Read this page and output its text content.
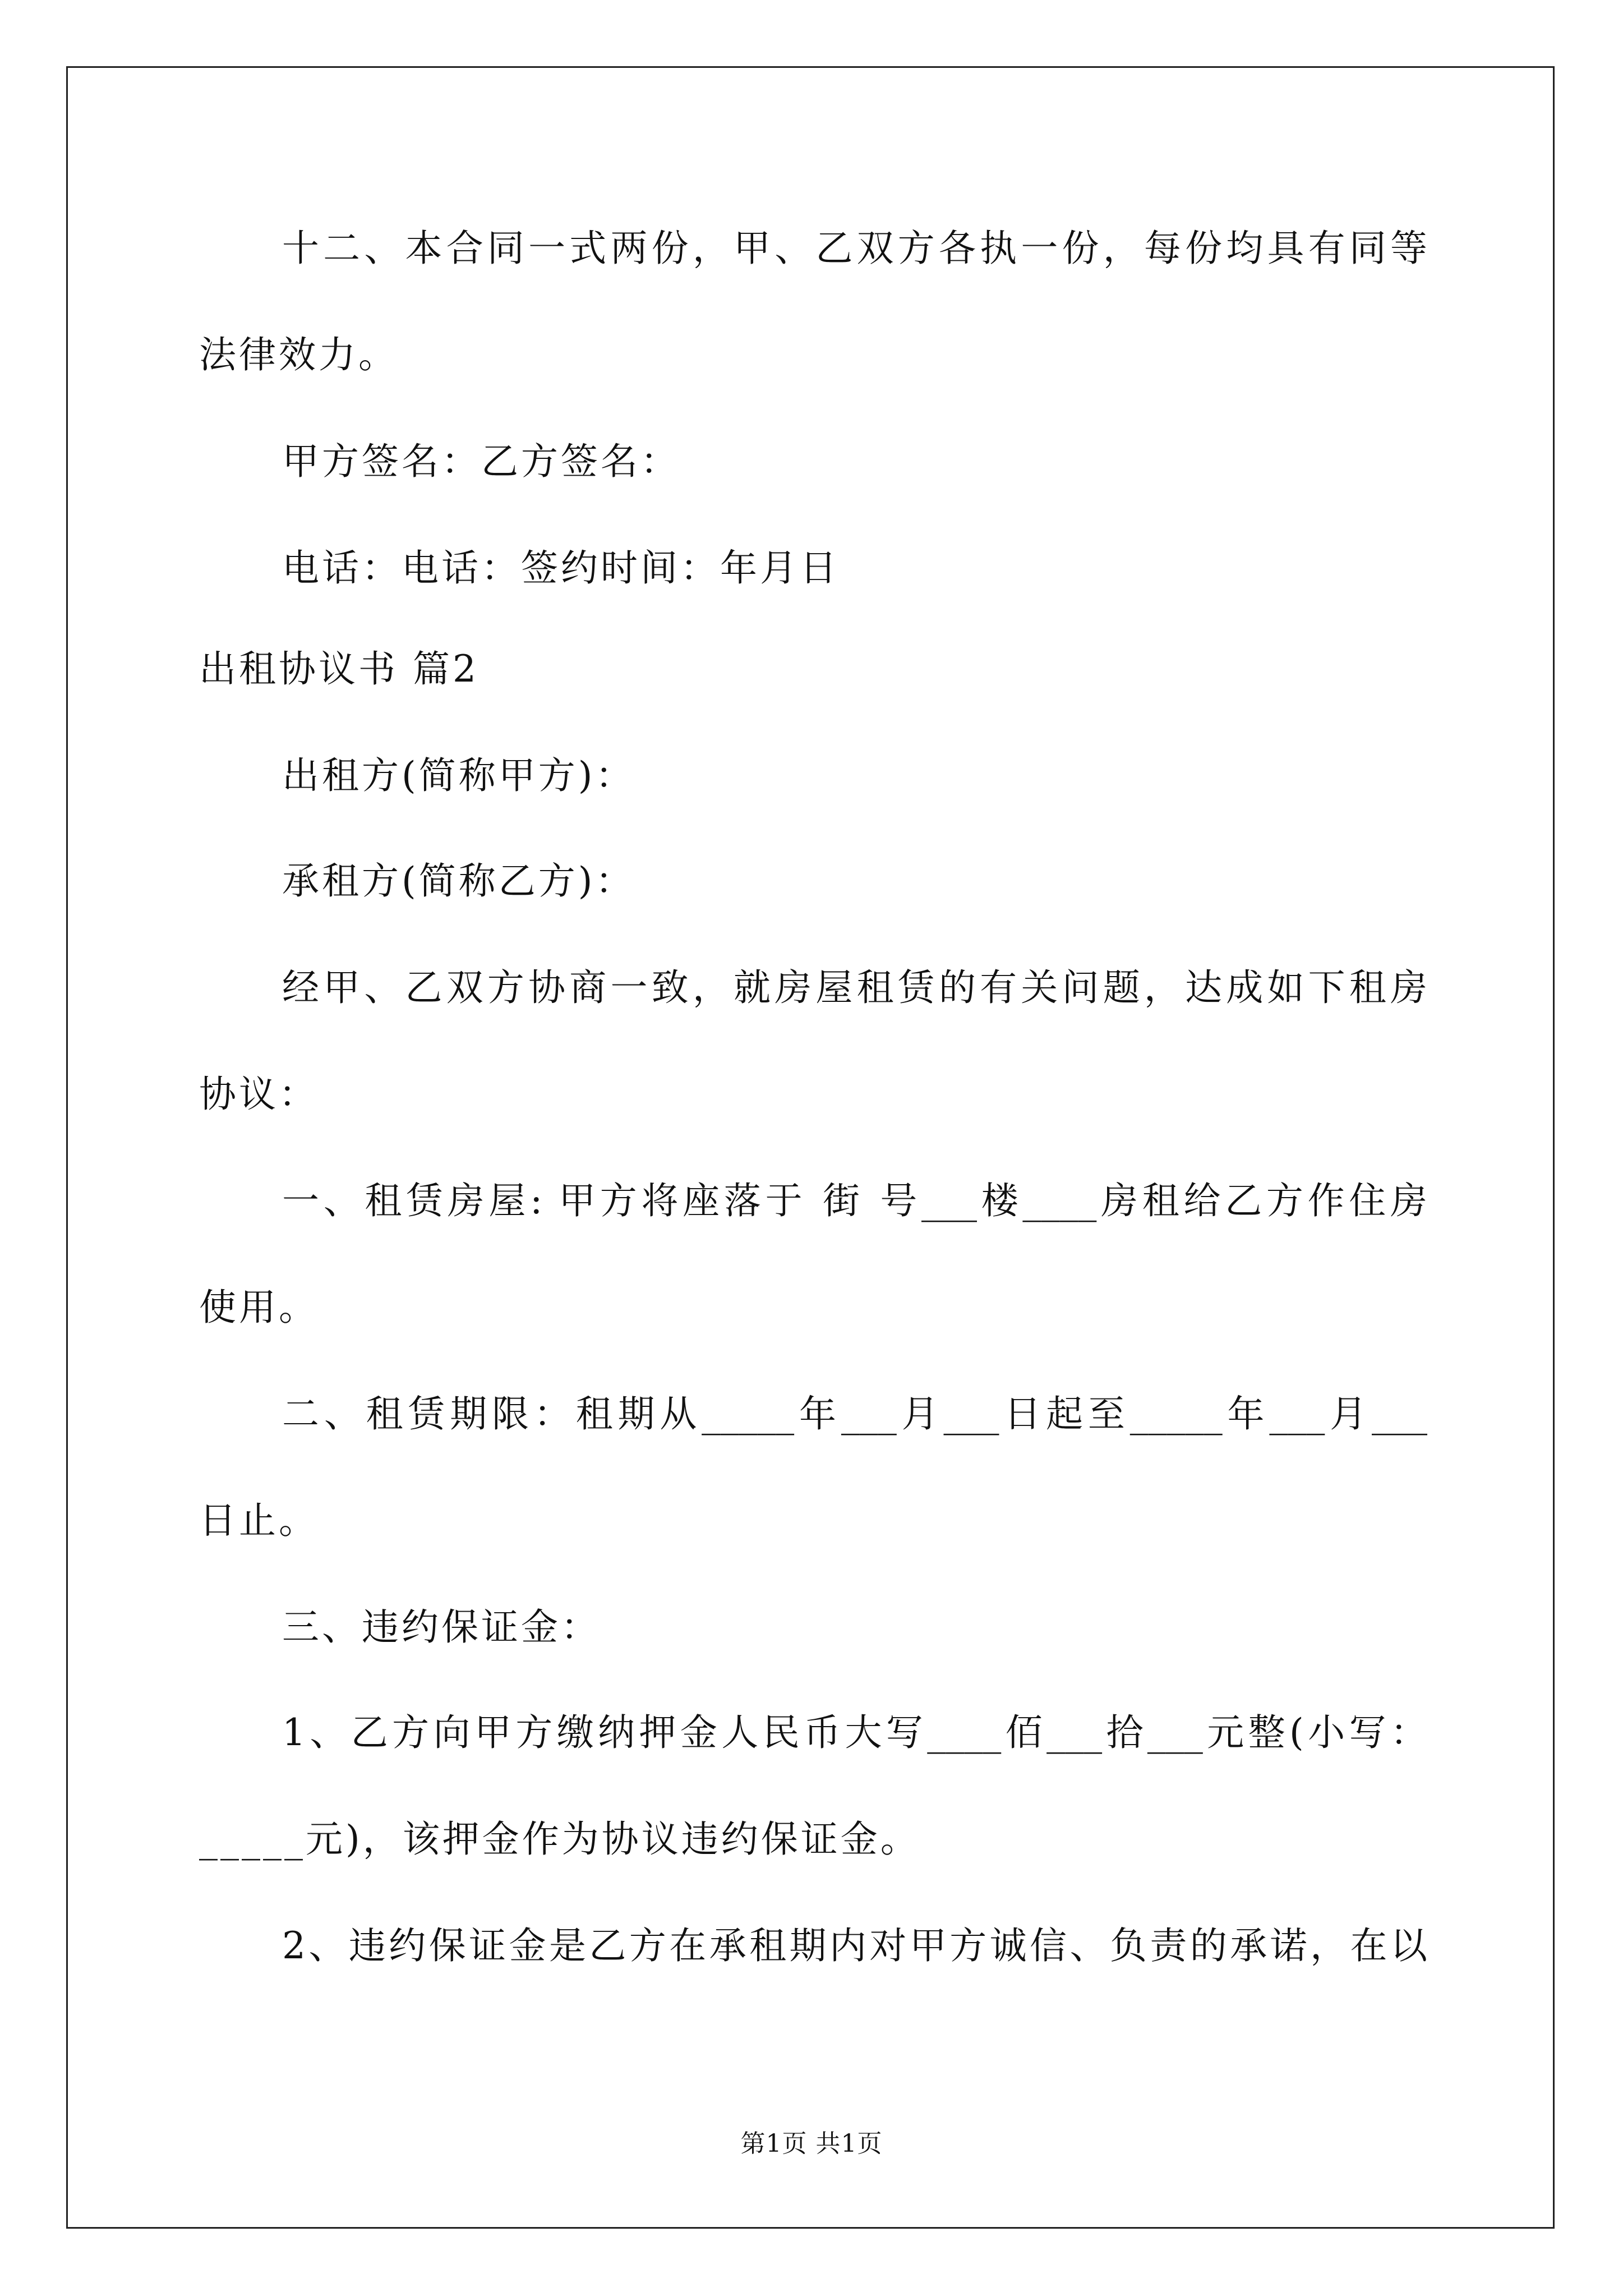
十二、本合同一式两份，甲、乙双方各执一份，每份均具有同等
法律效力。
甲方签名：乙方签名：
电话：电话：签约时间：年月日
出租协议书 篇2
出租方(简称甲方)：
承租方(简称乙方)：
经甲、乙双方协商一致，就房屋租赁的有关问题，达成如下租房
协议：
一、租赁房屋: 甲方将座落于 街 号___楼____房租给乙方作住房
使用。
二、租赁期限：租期从_____年___月___日起至_____年___月___
日止。
三、违约保证金：
1、乙方向甲方缴纳押金人民币大写____佰___拾___元整(小写：
_____元)，该押金作为协议违约保证金。
2、违约保证金是乙方在承租期内对甲方诚信、负责的承诺，在以
第1页 共1页
